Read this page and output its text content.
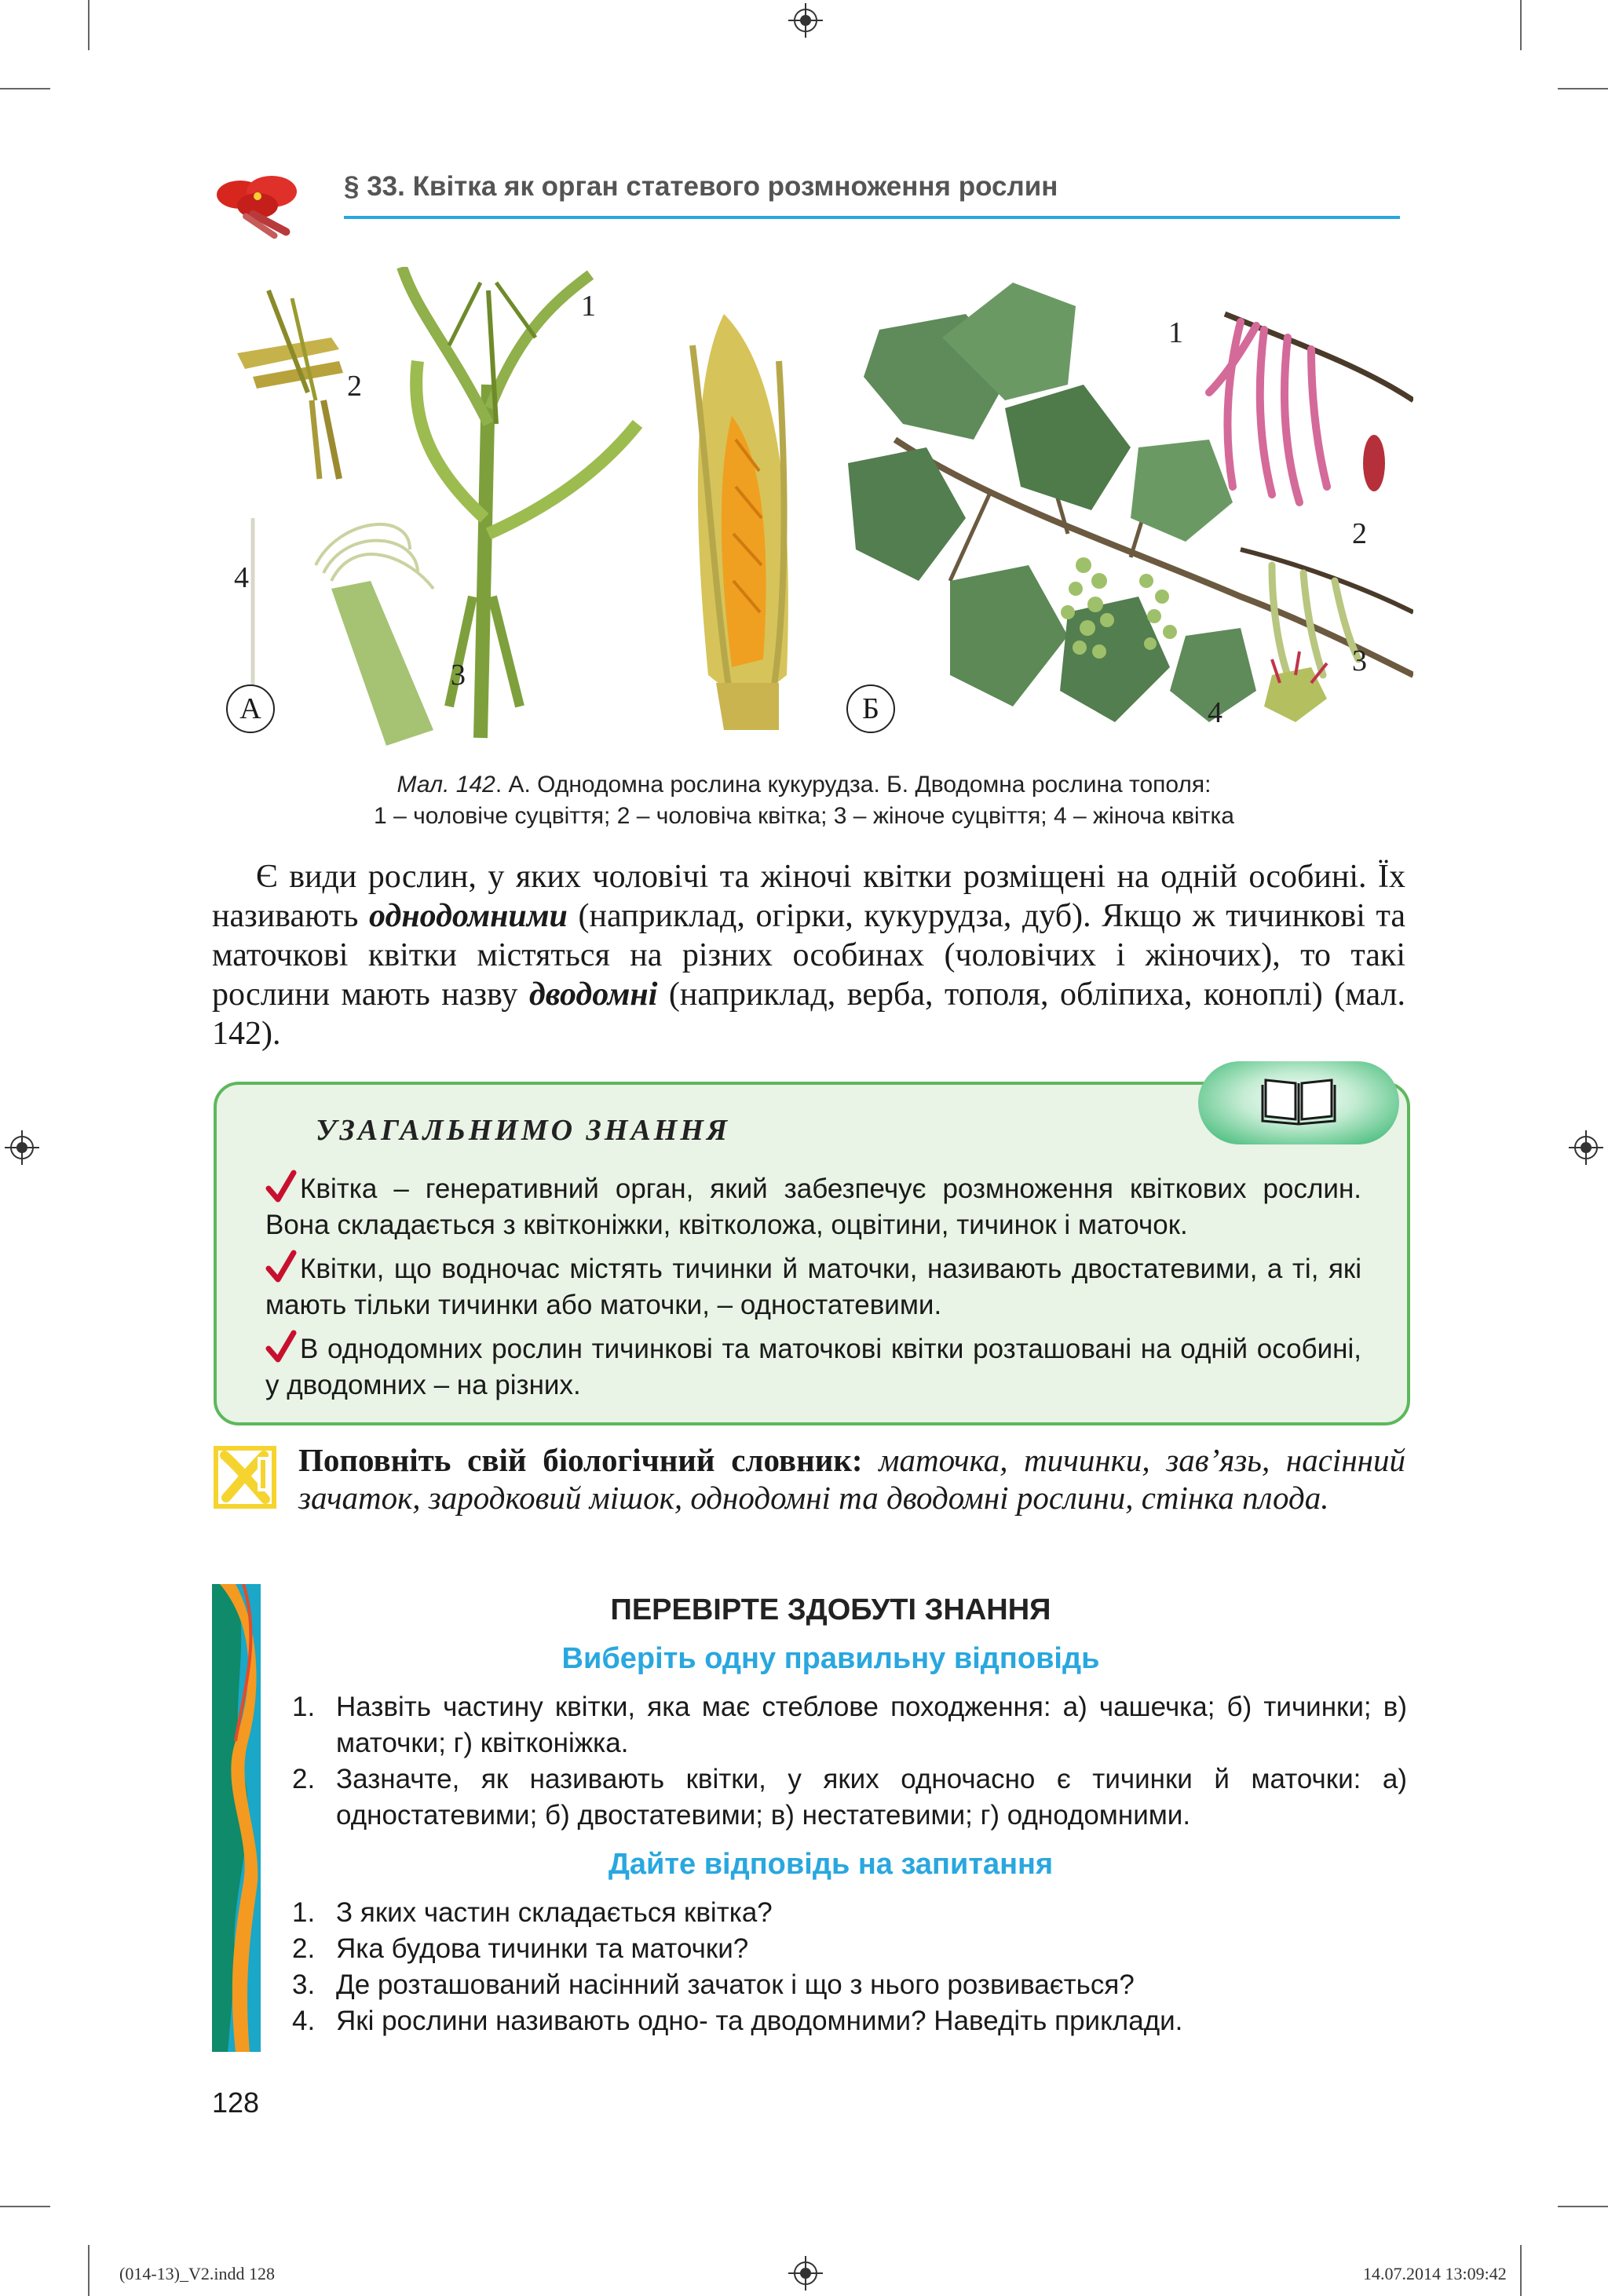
§ 33. Квітка як орган статевого розмноження рослин
1
2
3
4
А
1
2
3
4
Б
Мал. 142. А. Однодомна рослина кукурудза. Б. Дводомна рослина тополя:
1 – чоловіче суцвіття; 2 – чоловіча квітка; 3 – жіноче суцвіття; 4 – жіноча квітка

Є види рослин, у яких чоловічі та жіночі квітки розміщені на одній особині. Їх називають однодомними (наприклад, огірки, кукурудза, дуб). Якщо ж тичинкові та маточкові квітки містяться на різних особинах (чоловічих і жіночих), то такі рослини мають назву дводомні (наприклад, верба, тополя, обліпиха, коноплі) (мал. 142).

УЗАГАЛЬНИМО ЗНАННЯ
Квітка – генеративний орган, який забезпечує розмноження квіткових рослин. Вона складається з квітконіжки, квітколожа, оцвітини, тичинок і маточок.
Квітки, що водночас містять тичинки й маточки, називають двостатевими, а ті, які мають тільки тичинки або маточки, – одностатевими.
В однодомних рослин тичинкові та маточкові квітки розташовані на одній особині, у дводомних – на різних.
Поповніть свій біологічний словник: маточка, тичинки, зав’язь, насінний зачаток, зародковий мішок, однодомні та дводомні рослини, стінка плода.
ПЕРЕВІРТЕ ЗДОБУТІ ЗНАННЯ
Виберіть одну правильну відповідь
1. Назвіть частину квітки, яка має стеблове походження: а) чашечка; б) тичинки; в) маточки; г) квітконіжка.
2. Зазначте, як називають квітки, у яких одночасно є тичинки й маточки: а) одностатевими; б) двостатевими; в) нестатевими; г) однодомними.
Дайте відповідь на запитання
1. З яких частин складається квітка?
2. Яка будова тичинки та маточки?
3. Де розташований насінний зачаток і що з нього розвивається?
4. Які рослини називають одно- та дводомними? Наведіть приклади.
128
(014-13)_V2.indd 128	14.07.2014 13:09:42
